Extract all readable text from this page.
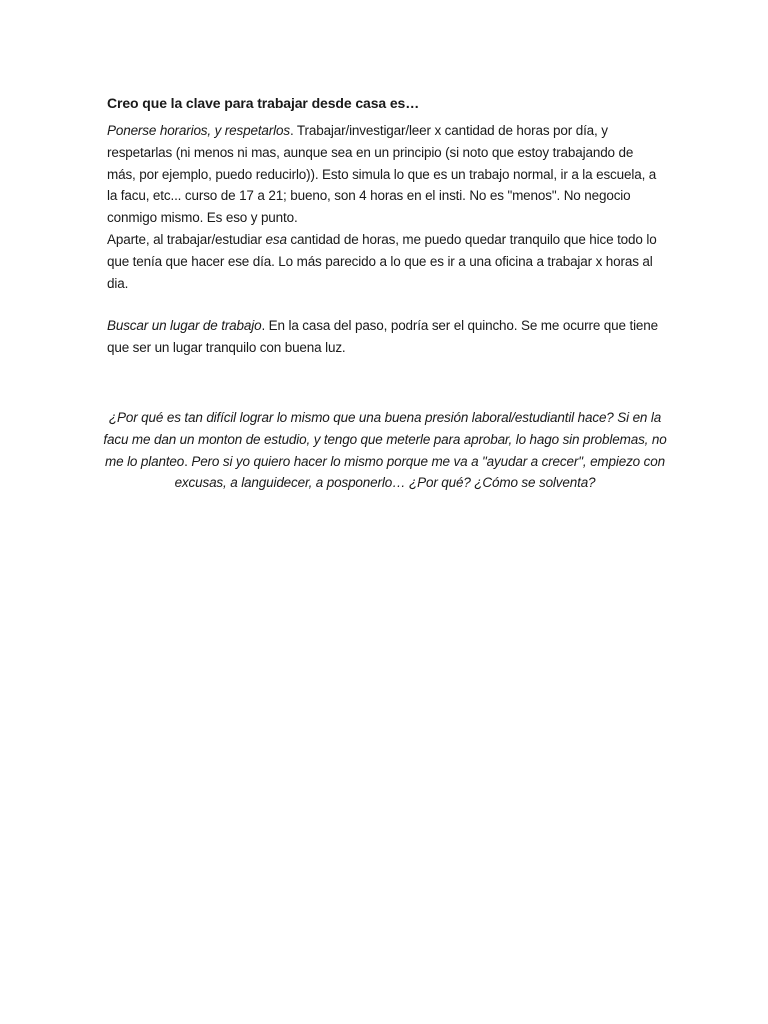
Creo que la clave para trabajar desde casa es…

Ponerse horarios, y respetarlos. Trabajar/investigar/leer x cantidad de horas por día, y respetarlas (ni menos ni mas, aunque sea en un principio (si noto que estoy trabajando de más, por ejemplo, puedo reducirlo)). Esto simula lo que es un trabajo normal, ir a la escuela, a la facu, etc... curso de 17 a 21; bueno, son 4 horas en el insti. No es "menos". No negocio conmigo mismo. Es eso y punto.

Aparte, al trabajar/estudiar esa cantidad de horas, me puedo quedar tranquilo que hice todo lo que tenía que hacer ese día. Lo más parecido a lo que es ir a una oficina a trabajar x horas al dia.

Buscar un lugar de trabajo. En la casa del paso, podría ser el quincho. Se me ocurre que tiene que ser un lugar tranquilo con buena luz.

¿Por qué es tan difícil lograr lo mismo que una buena presión laboral/estudiantil hace? Si en la facu me dan un monton de estudio, y tengo que meterle para aprobar, lo hago sin problemas, no me lo planteo. Pero si yo quiero hacer lo mismo porque me va a "ayudar a crecer", empiezo con excusas, a languidecer, a posponerlo… ¿Por qué? ¿Cómo se solventa?
